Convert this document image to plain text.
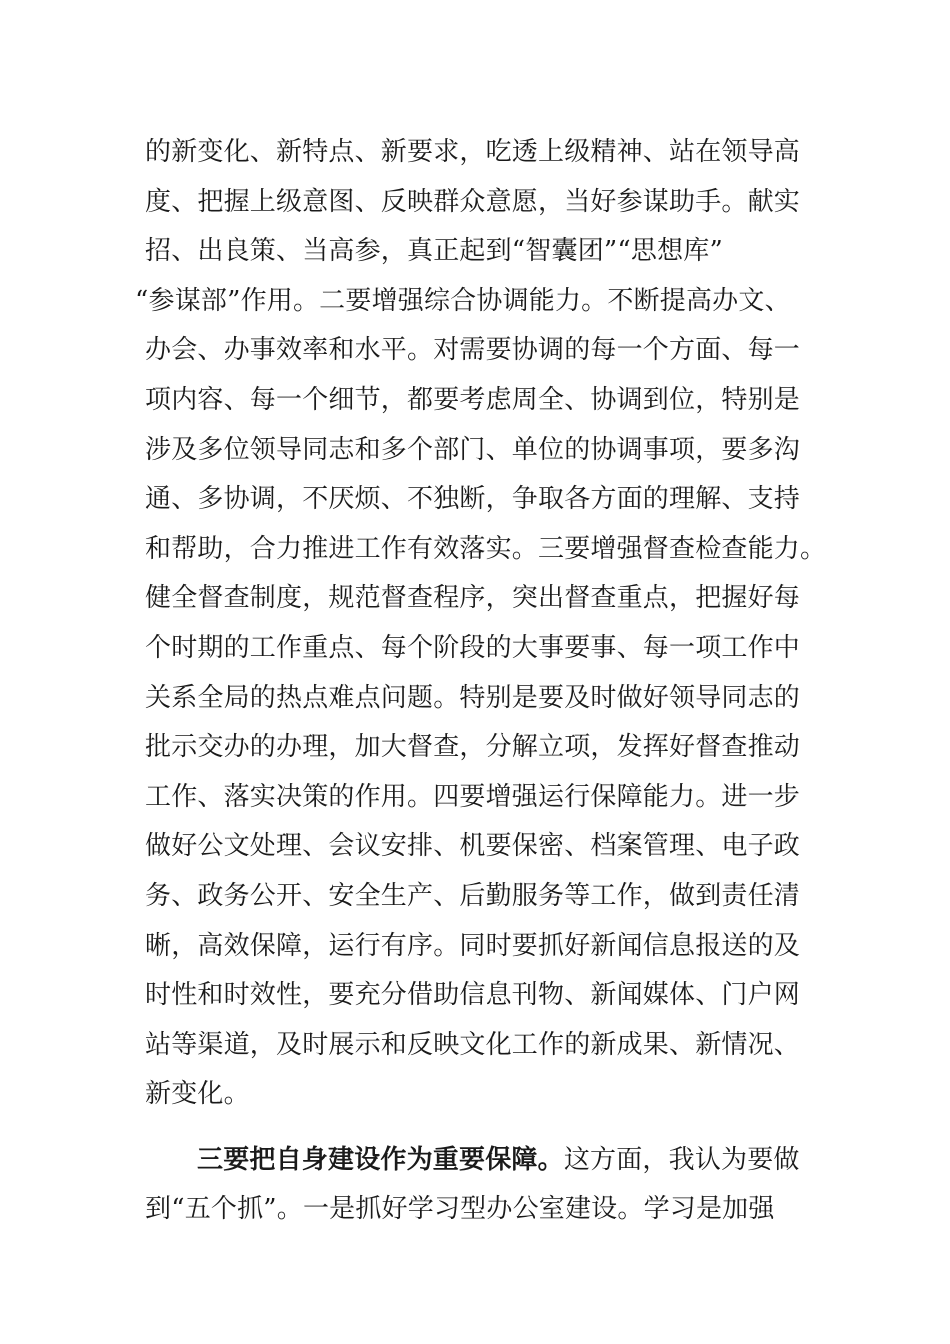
的新变化、新特点、新要求，吃透上级精神、站在领导高
度、把握上级意图、反映群众意愿，当好参谋助手。献实
招、出良策、当高参，真正起到“智囊团”“思想库”
“参谋部”作用。二要增强综合协调能力。不断提高办文、
办会、办事效率和水平。对需要协调的每一个方面、每一
项内容、每一个细节，都要考虑周全、协调到位，特别是
涉及多位领导同志和多个部门、单位的协调事项，要多沟
通、多协调，不厌烦、不独断，争取各方面的理解、支持
和帮助，合力推进工作有效落实。三要增强督查检查能力。
健全督查制度，规范督查程序，突出督查重点，把握好每
个时期的工作重点、每个阶段的大事要事、每一项工作中
关系全局的热点难点问题。特别是要及时做好领导同志的
批示交办的办理，加大督查，分解立项，发挥好督查推动
工作、落实决策的作用。四要增强运行保障能力。进一步
做好公文处理、会议安排、机要保密、档案管理、电子政
务、政务公开、安全生产、后勤服务等工作，做到责任清
晰，高效保障，运行有序。同时要抓好新闻信息报送的及
时性和时效性，要充分借助信息刊物、新闻媒体、门户网
站等渠道，及时展示和反映文化工作的新成果、新情况、
新变化。
三要把自身建设作为重要保障。这方面，我认为要做
到“五个抓”。一是抓好学习型办公室建设。学习是加强
